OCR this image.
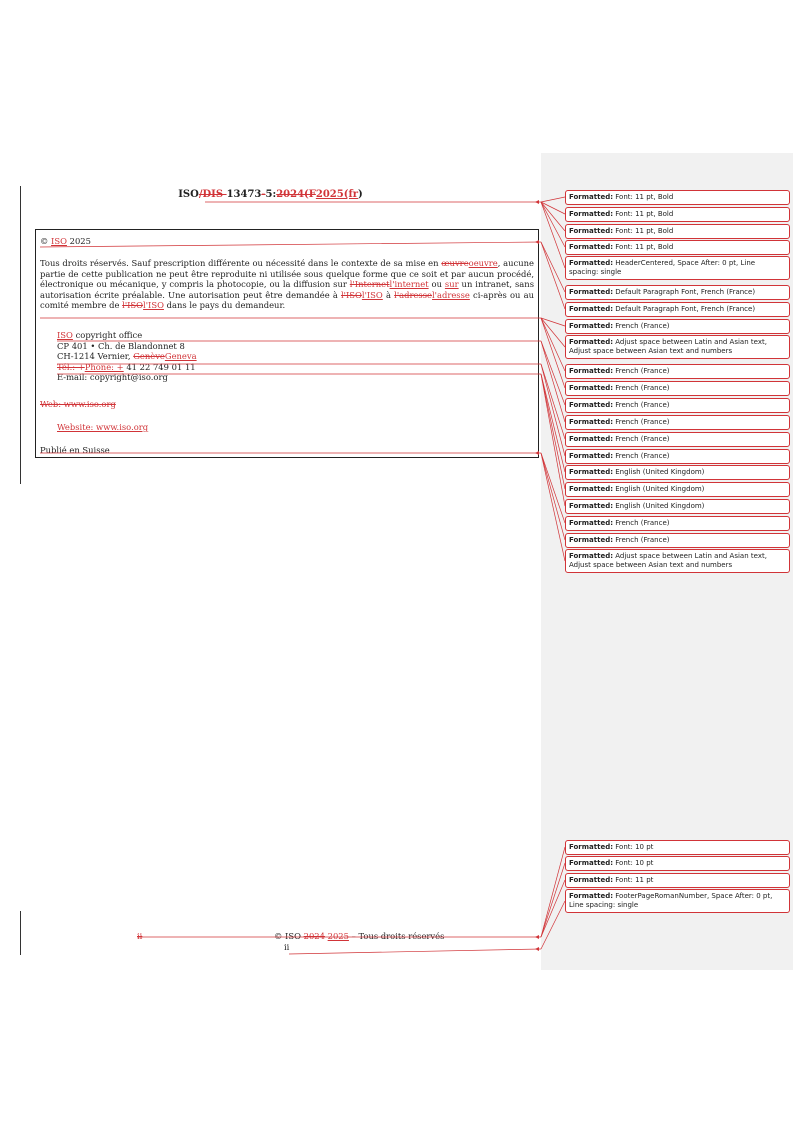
ISO/DIS 13473-5:2024(F2025(fr)
© ISO 2025
Tous droits réservés. Sauf prescription différente ou nécessité dans le contexte de sa mise en œuvreoeuvre, aucune partie de cette publication ne peut être reproduite ni utilisée sous quelque forme que ce soit et par aucun procédé, électronique ou mécanique, y compris la photocopie, ou la diffusion sur l'Internetl'internet ou sur un intranet, sans autorisation écrite préalable. Une autorisation peut être demandée à l'ISOl'ISO à l'adressel'adresse ci-après ou au comité membre de l'ISOl'ISO dans le pays du demandeur.
ISO copyright office
CP 401 • Ch. de Blandonnet 8
CH-1214 Vernier, GenèveGeneva
Tél.: +Phone: + 41 22 749 01 11
E-mail: copyright@iso.org
Web: www.iso.org
Website: www.iso.org
Publié en Suisse
ii	© ISO 2024 2025 – Tous droits réservés
ii
Formatted: Font: 11 pt, Bold
Formatted: Font: 11 pt, Bold
Formatted: Font: 11 pt, Bold
Formatted: Font: 11 pt, Bold
Formatted: HeaderCentered, Space After: 0 pt, Line spacing: single
Formatted: Default Paragraph Font, French (France)
Formatted: Default Paragraph Font, French (France)
Formatted: French (France)
Formatted: Adjust space between Latin and Asian text, Adjust space between Asian text and numbers
Formatted: French (France)
Formatted: French (France)
Formatted: French (France)
Formatted: French (France)
Formatted: French (France)
Formatted: French (France)
Formatted: English (United Kingdom)
Formatted: English (United Kingdom)
Formatted: English (United Kingdom)
Formatted: French (France)
Formatted: French (France)
Formatted: Adjust space between Latin and Asian text, Adjust space between Asian text and numbers
Formatted: Font: 10 pt
Formatted: Font: 10 pt
Formatted: Font: 11 pt
Formatted: FooterPageRomanNumber, Space After: 0 pt, Line spacing: single
